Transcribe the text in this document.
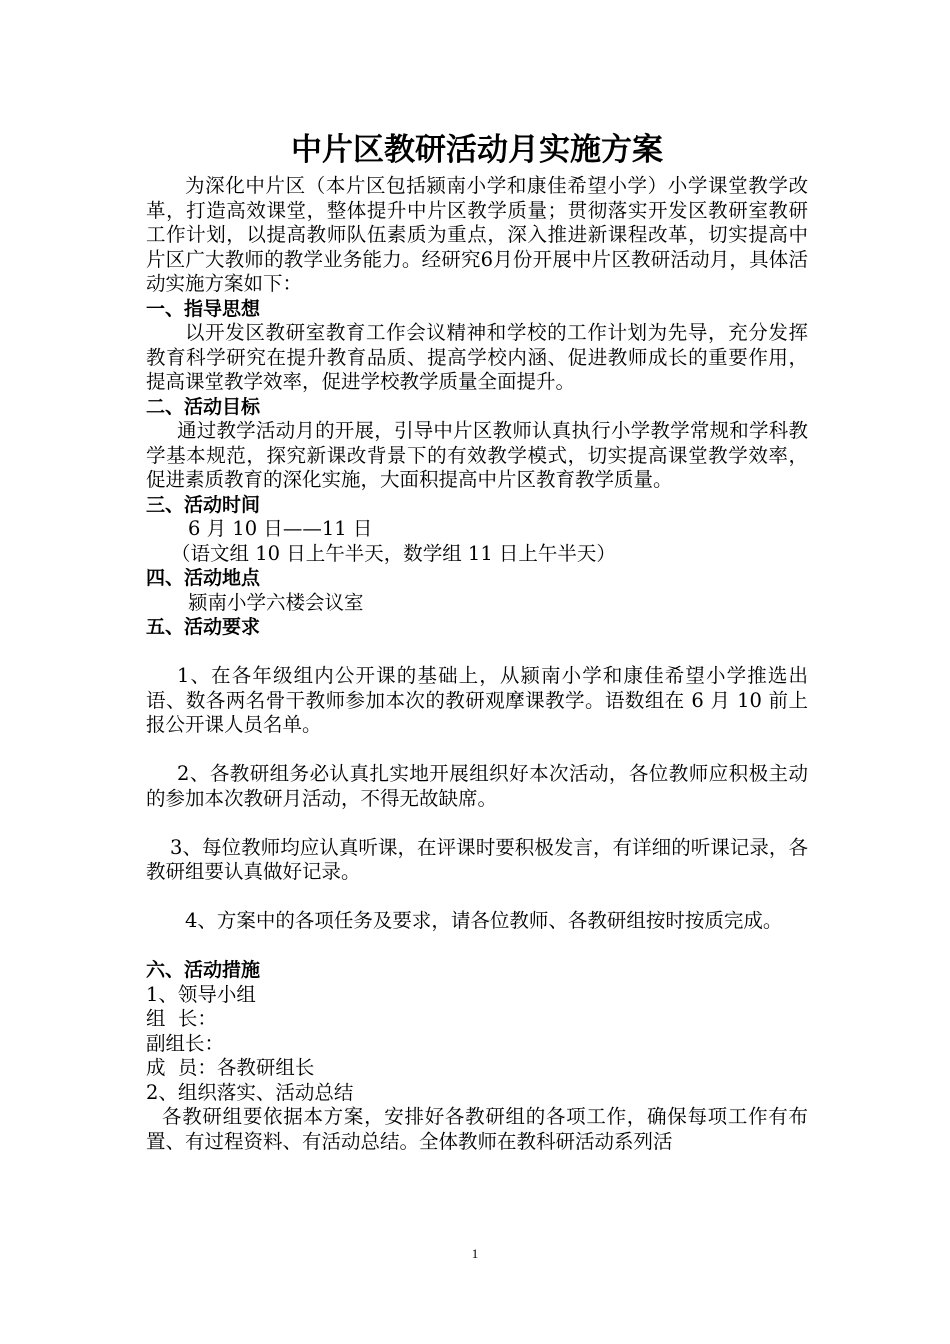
中片区教研活动月实施方案

为深化中片区（本片区包括颍南小学和康佳希望小学）小学课堂教学改革，打造高效课堂，整体提升中片区教学质量；贯彻落实开发区教研室教研工作计划，以提高教师队伍素质为重点，深入推进新课程改革，切实提高中片区广大教师的教学业务能力。经研究6月份开展中片区教研活动月，具体活动实施方案如下：

一、指导思想

以开发区教研室教育工作会议精神和学校的工作计划为先导，充分发挥教育科学研究在提升教育品质、提高学校内涵、促进教师成长的重要作用，提高课堂教学效率，促进学校教学质量全面提升。

二、活动目标

通过教学活动月的开展，引导中片区教师认真执行小学教学常规和学科教学基本规范，探究新课改背景下的有效教学模式，切实提高课堂教学效率，促进素质教育的深化实施，大面积提高中片区教育教学质量。

三、活动时间
6 月 10 日——11 日
（语文组 10 日上午半天，数学组 11 日上午半天）
四、活动地点
颍南小学六楼会议室
五、活动要求

1、在各年级组内公开课的基础上，从颍南小学和康佳希望小学推选出语、数各两名骨干教师参加本次的教研观摩课教学。语数组在 6 月 10 前上报公开课人员名单。

2、各教研组务必认真扎实地开展组织好本次活动，各位教师应积极主动的参加本次教研月活动，不得无故缺席。

3、每位教师均应认真听课，在评课时要积极发言，有详细的听课记录，各教研组要认真做好记录。

4、方案中的各项任务及要求，请各位教师、各教研组按时按质完成。

六、活动措施
1、领导小组
组  长：
副组长：
成  员：各教研组长
2、组织落实、活动总结

各教研组要依据本方案，安排好各教研组的各项工作，确保每项工作有布置、有过程资料、有活动总结。全体教师在教科研活动系列活

1
